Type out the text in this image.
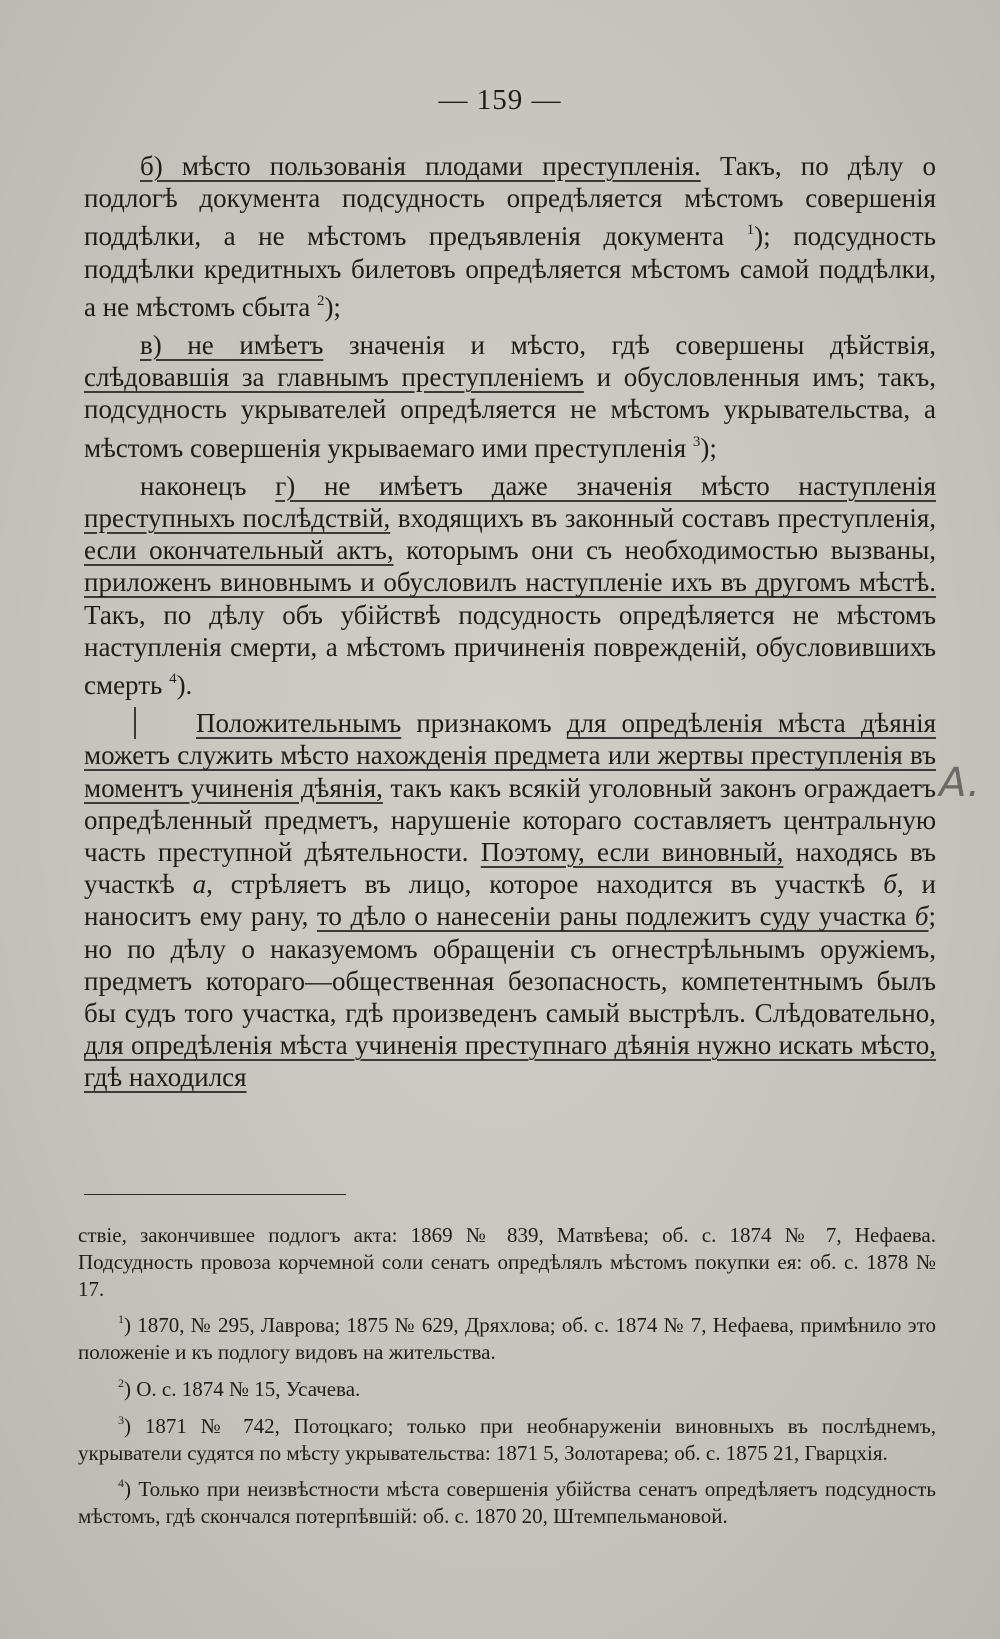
— 159 —
A.

б) мѣсто пользованія плодами преступленія. Такъ, по дѣлу о подлогѣ документа подсудность опредѣляется мѣстомъ совершенія поддѣлки, а не мѣстомъ предъявленія документа $^1$); подсудность поддѣлки кредитныхъ билетовъ опредѣляется мѣстомъ самой поддѣлки, а не мѣстомъ сбыта $^2$);

в) не имѣетъ значенія и мѣсто, гдѣ совершены дѣйствія, слѣдовавшія за главнымъ преступленіемъ и обусловленныя имъ; такъ, подсудность укрывателей опредѣляется не мѣстомъ укрывательства, а мѣстомъ совершенія укрываемаго ими преступленія $^3$);

наконецъ г) не имѣетъ даже значенія мѣсто наступленія преступныхъ послѣдствій, входящихъ въ законный составъ преступленія, если окончательный актъ, которымъ они съ необходимостью вызваны, приложенъ виновнымъ и обусловилъ наступленіе ихъ въ другомъ мѣстѣ. Такъ, по дѣлу объ убійствѣ подсудность опредѣляется не мѣстомъ наступленія смерти, а мѣстомъ причиненія поврежденій, обусловившихъ смерть $^4$).

Положительнымъ признакомъ для опредѣленія мѣста дѣянія можетъ служить мѣсто нахожденія предмета или жертвы преступленія въ моментъ учиненія дѣянія, такъ какъ всякій уголовный законъ ограждаетъ опредѣленный предметъ, нарушеніе котораго составляетъ центральную часть преступной дѣятельности. Поэтому, если виновный, находясь въ участкѣ а, стрѣляетъ въ лицо, которое находится въ участкѣ б, и наноситъ ему рану, то дѣло о нанесеніи раны подлежитъ суду участка б; но по дѣлу о наказуемомъ обращеніи съ огнестрѣльнымъ оружіемъ, предметъ котораго—общественная безопасность, компетентнымъ былъ бы судъ того участка, гдѣ произведенъ самый выстрѣлъ. Слѣдовательно, для опредѣленія мѣста учиненія преступнаго дѣянія нужно искать мѣсто, гдѣ находился

ствіе, закончившее подлогъ акта: 1869 № 839, Матвѣева; об. с. 1874 № 7, Нефаева. Подсудность провоза корчемной соли сенатъ опредѣлялъ мѣстомъ покупки ея: об. с. 1878 № 17.

$^1$) 1870, № 295, Лаврова; 1875 № 629, Дряхлова; об. с. 1874 № 7, Нефаева, примѣнило это положеніе и къ подлогу видовъ на жительства.

$^2$) О. с. 1874 № 15, Усачева.

$^3$) 1871 № 742, Потоцкаго; только при необнаруженіи виновныхъ въ послѣднемъ, укрыватели судятся по мѣсту укрывательства: 1871 5, Золотарева; об. с. 1875 21, Гварцхія.

$^4$) Только при неизвѣстности мѣста совершенія убійства сенатъ опредѣляетъ подсудность мѣстомъ, гдѣ скончался потерпѣвшій: об. с. 1870 20, Штемпельмановой.
